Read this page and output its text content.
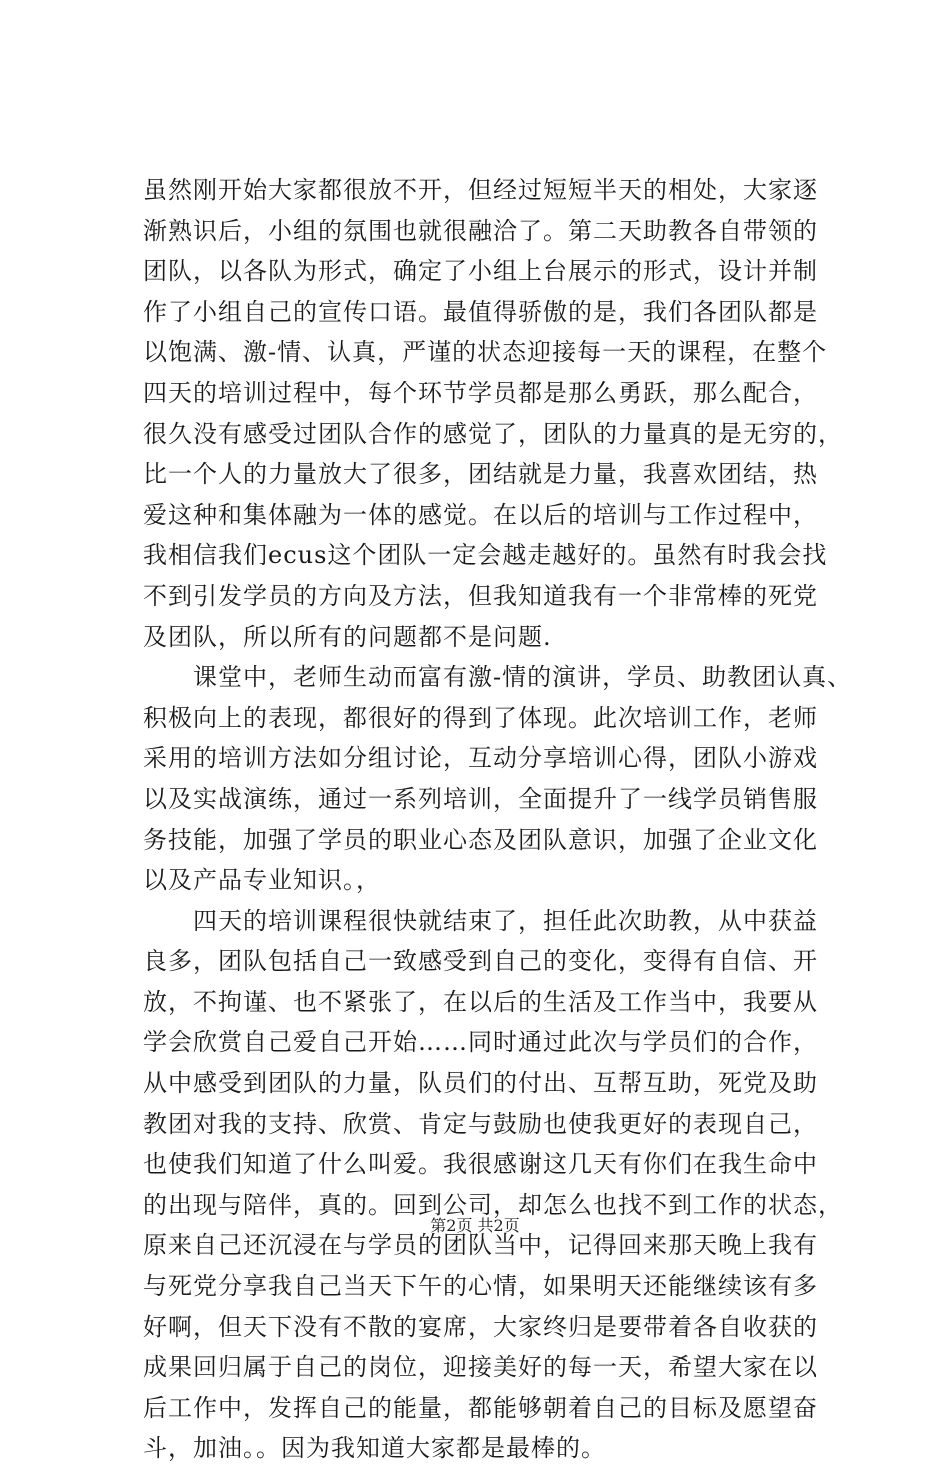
虽然刚开始大家都很放不开，但经过短短半天的相处，大家逐
渐熟识后，小组的氛围也就很融洽了。第二天助教各自带领的
团队，以各队为形式，确定了小组上台展示的形式，设计并制
作了小组自己的宣传口语。最值得骄傲的是，我们各团队都是
以饱满、激-情、认真，严谨的状态迎接每一天的课程，在整个
四天的培训过程中，每个环节学员都是那么勇跃，那么配合，
很久没有感受过团队合作的感觉了，团队的力量真的是无穷的，
比一个人的力量放大了很多，团结就是力量，我喜欢团结，热
爱这种和集体融为一体的感觉。在以后的培训与工作过程中，
我相信我们ecus这个团队一定会越走越好的。虽然有时我会找
不到引发学员的方向及方法，但我知道我有一个非常棒的死党
及团队，所以所有的问题都不是问题.
　　课堂中，老师生动而富有激-情的演讲，学员、助教团认真、
积极向上的表现，都很好的得到了体现。此次培训工作，老师
采用的培训方法如分组讨论，互动分享培训心得，团队小游戏
以及实战演练，通过一系列培训，全面提升了一线学员销售服
务技能，加强了学员的职业心态及团队意识，加强了企业文化
以及产品专业知识。，
　　四天的培训课程很快就结束了，担任此次助教，从中获益
良多，团队包括自己一致感受到自己的变化，变得有自信、开
放，不拘谨、也不紧张了，在以后的生活及工作当中，我要从
学会欣赏自己爱自己开始……同时通过此次与学员们的合作，
从中感受到团队的力量，队员们的付出、互帮互助，死党及助
教团对我的支持、欣赏、肯定与鼓励也使我更好的表现自己，
也使我们知道了什么叫爱。我很感谢这几天有你们在我生命中
的出现与陪伴，真的。回到公司，却怎么也找不到工作的状态，
原来自己还沉浸在与学员的团队当中，记得回来那天晚上我有
与死党分享我自己当天下午的心情，如果明天还能继续该有多
好啊，但天下没有不散的宴席，大家终归是要带着各自收获的
成果回归属于自己的岗位，迎接美好的每一天，希望大家在以
后工作中，发挥自己的能量，都能够朝着自己的目标及愿望奋
斗，加油。。因为我知道大家都是最棒的。
第2页 共2页
